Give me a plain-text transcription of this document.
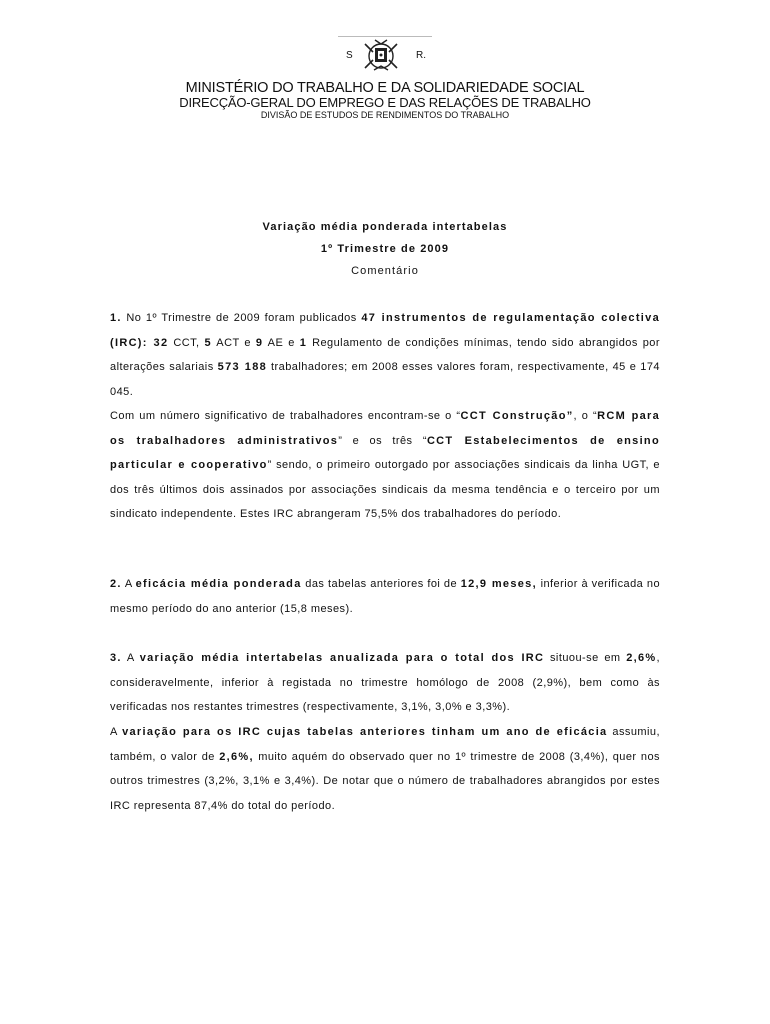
S	R.
MINISTÉRIO DO TRABALHO E DA SOLIDARIEDADE SOCIAL
DIRECÇÃO-GERAL DO EMPREGO E DAS RELAÇÕES DE TRABALHO
DIVISÃO DE ESTUDOS DE RENDIMENTOS DO TRABALHO
Variação média ponderada intertabelas
1º Trimestre de 2009
Comentário
1. No 1º Trimestre de 2009 foram publicados 47 instrumentos de regulamentação colectiva (IRC): 32 CCT, 5 ACT e 9 AE e 1 Regulamento de condições mínimas, tendo sido abrangidos por alterações salariais 573 188 trabalhadores; em 2008 esses valores foram, respectivamente, 45 e 174 045.
Com um número significativo de trabalhadores encontram-se o “CCT Construção”, o “RCM para os trabalhadores administrativos” e os três “CCT Estabelecimentos de ensino particular e cooperativo” sendo, o primeiro outorgado por associações sindicais da linha UGT, e dos três últimos dois assinados por associações sindicais da mesma tendência e o terceiro por um sindicato independente. Estes IRC abrangeram 75,5% dos trabalhadores do período.
2. A eficácia média ponderada das tabelas anteriores foi de 12,9 meses, inferior à verificada no mesmo período do ano anterior (15,8 meses).
3. A variação média intertabelas anualizada para o total dos IRC situou-se em 2,6%, consideravelmente, inferior à registada no trimestre homólogo de 2008 (2,9%), bem como às verificadas nos restantes trimestres (respectivamente, 3,1%, 3,0% e 3,3%).
A variação para os IRC cujas tabelas anteriores tinham um ano de eficácia assumiu, também, o valor de 2,6%, muito aquém do observado quer no 1º trimestre de 2008 (3,4%), quer nos outros trimestres (3,2%, 3,1% e 3,4%). De notar que o número de trabalhadores abrangidos por estes IRC representa 87,4% do total do período.
